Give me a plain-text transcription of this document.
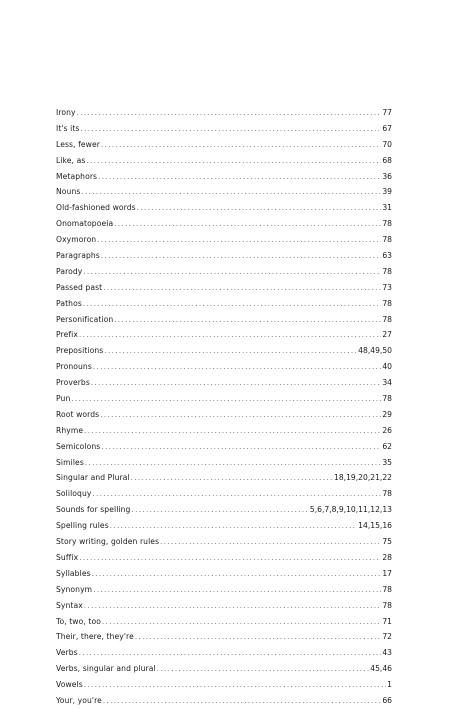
Irony .....	77
It's its .....	67
Less, fewer .....	70
Like, as .....	68
Metaphors .....	36
Nouns .....	39
Old-fashioned words .....	31
Onomatopoeia .....	78
Oxymoron .....	78
Paragraphs .....	63
Parody .....	78
Passed past .....	73
Pathos .....	78
Personification .....	78
Prefix .....	27
Prepositions .....	48,49,50
Pronouns .....	40
Proverbs .....	34
Pun .....	78
Root words .....	29
Rhyme .....	26
Semicolons .....	62
Similes .....	35
Singular and Plural .....	18,19,20,21,22
Soliloquy .....	78
Sounds for spelling .....	5,6,7,8,9,10,11,12,13
Spelling rules .....	14,15,16
Story writing, golden rules .....	75
Suffix .....	28
Syllables .....	17
Synonym .....	78
Syntax .....	78
To, two, too .....	71
Their, there, they're .....	72
Verbs .....	43
Verbs, singular and plural .....	45,46
Vowels .....	1
Your, you're .....	66
